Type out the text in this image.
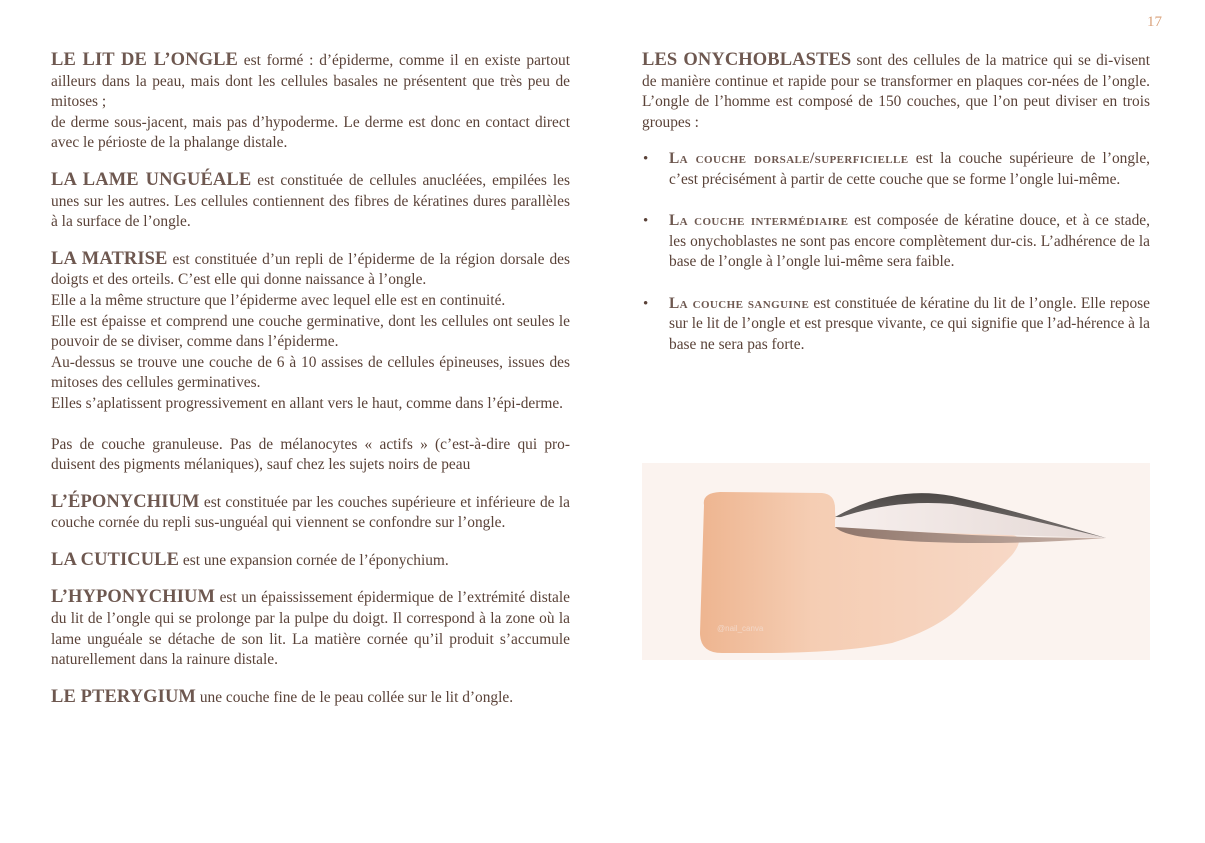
17

LE LIT DE L’ONGLE est formé : d’épiderme, comme il en existe partout ailleurs dans la peau, mais dont les cellules basales ne présentent que très peu de mitoses ;
de derme sous-jacent, mais pas d’hypoderme. Le derme est donc en contact direct avec le périoste de la phalange distale.

LA LAME UNGUÉALE est constituée de cellules anucléées, empilées les unes sur les autres. Les cellules contiennent des fibres de kératines dures parallèles à la surface de l’ongle.

LA MATRISE est constituée d’un repli de l’épiderme de la région dorsale des doigts et des orteils. C’est elle qui donne naissance à l’ongle.
Elle a la même structure que l’épiderme avec lequel elle est en continuité.
Elle est épaisse et comprend une couche germinative, dont les cellules ont seules le pouvoir de se diviser, comme dans l’épiderme.
Au-dessus se trouve une couche de 6 à 10 assises de cellules épineuses, issues des mitoses des cellules germinatives.
Elles s’aplatissent progressivement en allant vers le haut, comme dans l’épi-derme.

Pas de couche granuleuse. Pas de mélanocytes « actifs » (c’est-à-dire qui pro-duisent des pigments mélaniques), sauf chez les sujets noirs de peau

L’ÉPONYCHIUM est constituée par les couches supérieure et inférieure de la couche cornée du repli sus-unguéal qui viennent se confondre sur l’ongle.

LA CUTICULE est une expansion cornée de l’éponychium.

L’HYPONYCHIUM est un épaississement épidermique de l’extrémité distale du lit de l’ongle qui se prolonge par la pulpe du doigt. Il correspond à la zone où la lame unguéale se détache de son lit. La matière cornée qu’il produit s’accumule naturellement dans la rainure distale.

LE PTERYGIUM une couche fine de le peau collée sur le lit d’ongle.

LES ONYCHOBLASTES sont des cellules de la matrice qui se di-visent de manière continue et rapide pour se transformer en plaques cor-nées de l’ongle. L’ongle de l’homme est composé de 150 couches, que l’on peut diviser en trois groupes :

• La couche dorsale/superficielle est la couche supérieure de l’ongle, c’est précisément à partir de cette couche que se forme l’ongle lui-même.
• La couche intermédiaire est composée de kératine douce, et à ce stade, les onychoblastes ne sont pas encore complètement dur-cis. L’adhérence de la base de l’ongle à l’ongle lui-même sera faible.
• La couche sanguine est constituée de kératine du lit de l’ongle. Elle repose sur le lit de l’ongle et est presque vivante, ce qui signifie que l’ad-hérence à la base ne sera pas forte.
@nail_canva
